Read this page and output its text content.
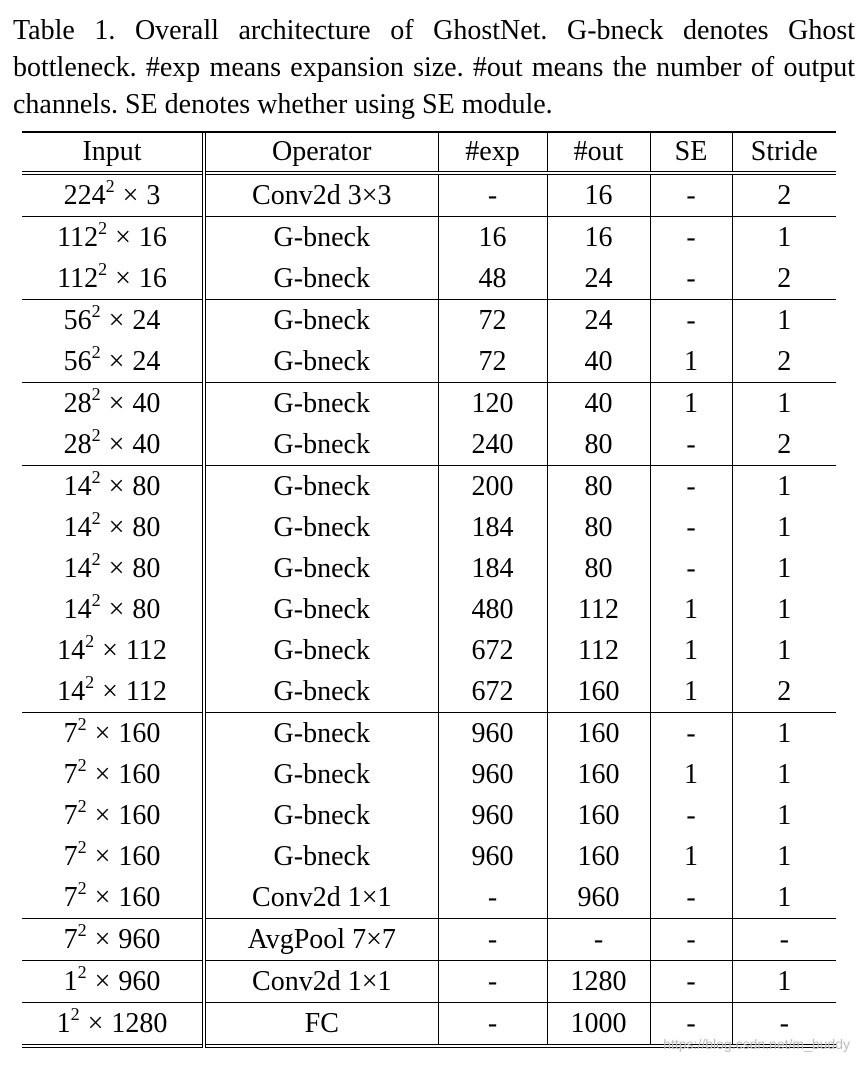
Table 1. Overall architecture of GhostNet. G-bneck denotes Ghost bottleneck. #exp means expansion size. #out means the number of output channels. SE denotes whether using SE module.
Input	Operator	#exp	#out	SE	Stride
$224^2 \times 3$	Conv2d 3×3	-	16	-	2
$112^2 \times 16$	G-bneck	16	16	-	1
$112^2 \times 16$	G-bneck	48	24	-	2
$56^2 \times 24$	G-bneck	72	24	-	1
$56^2 \times 24$	G-bneck	72	40	1	2
$28^2 \times 40$	G-bneck	120	40	1	1
$28^2 \times 40$	G-bneck	240	80	-	2
$14^2 \times 80$	G-bneck	200	80	-	1
$14^2 \times 80$	G-bneck	184	80	-	1
$14^2 \times 80$	G-bneck	184	80	-	1
$14^2 \times 80$	G-bneck	480	112	1	1
$14^2 \times 112$	G-bneck	672	112	1	1
$14^2 \times 112$	G-bneck	672	160	1	2
$7^2 \times 160$	G-bneck	960	160	-	1
$7^2 \times 160$	G-bneck	960	160	1	1
$7^2 \times 160$	G-bneck	960	160	-	1
$7^2 \times 160$	G-bneck	960	160	1	1
$7^2 \times 160$	Conv2d 1×1	-	960	-	1
$7^2 \times 960$	AvgPool 7×7	-	-	-	-
$1^2 \times 960$	Conv2d 1×1	-	1280	-	1
$1^2 \times 1280$	FC	-	1000	-	-
https://blog.csdn.net/m_buddy
